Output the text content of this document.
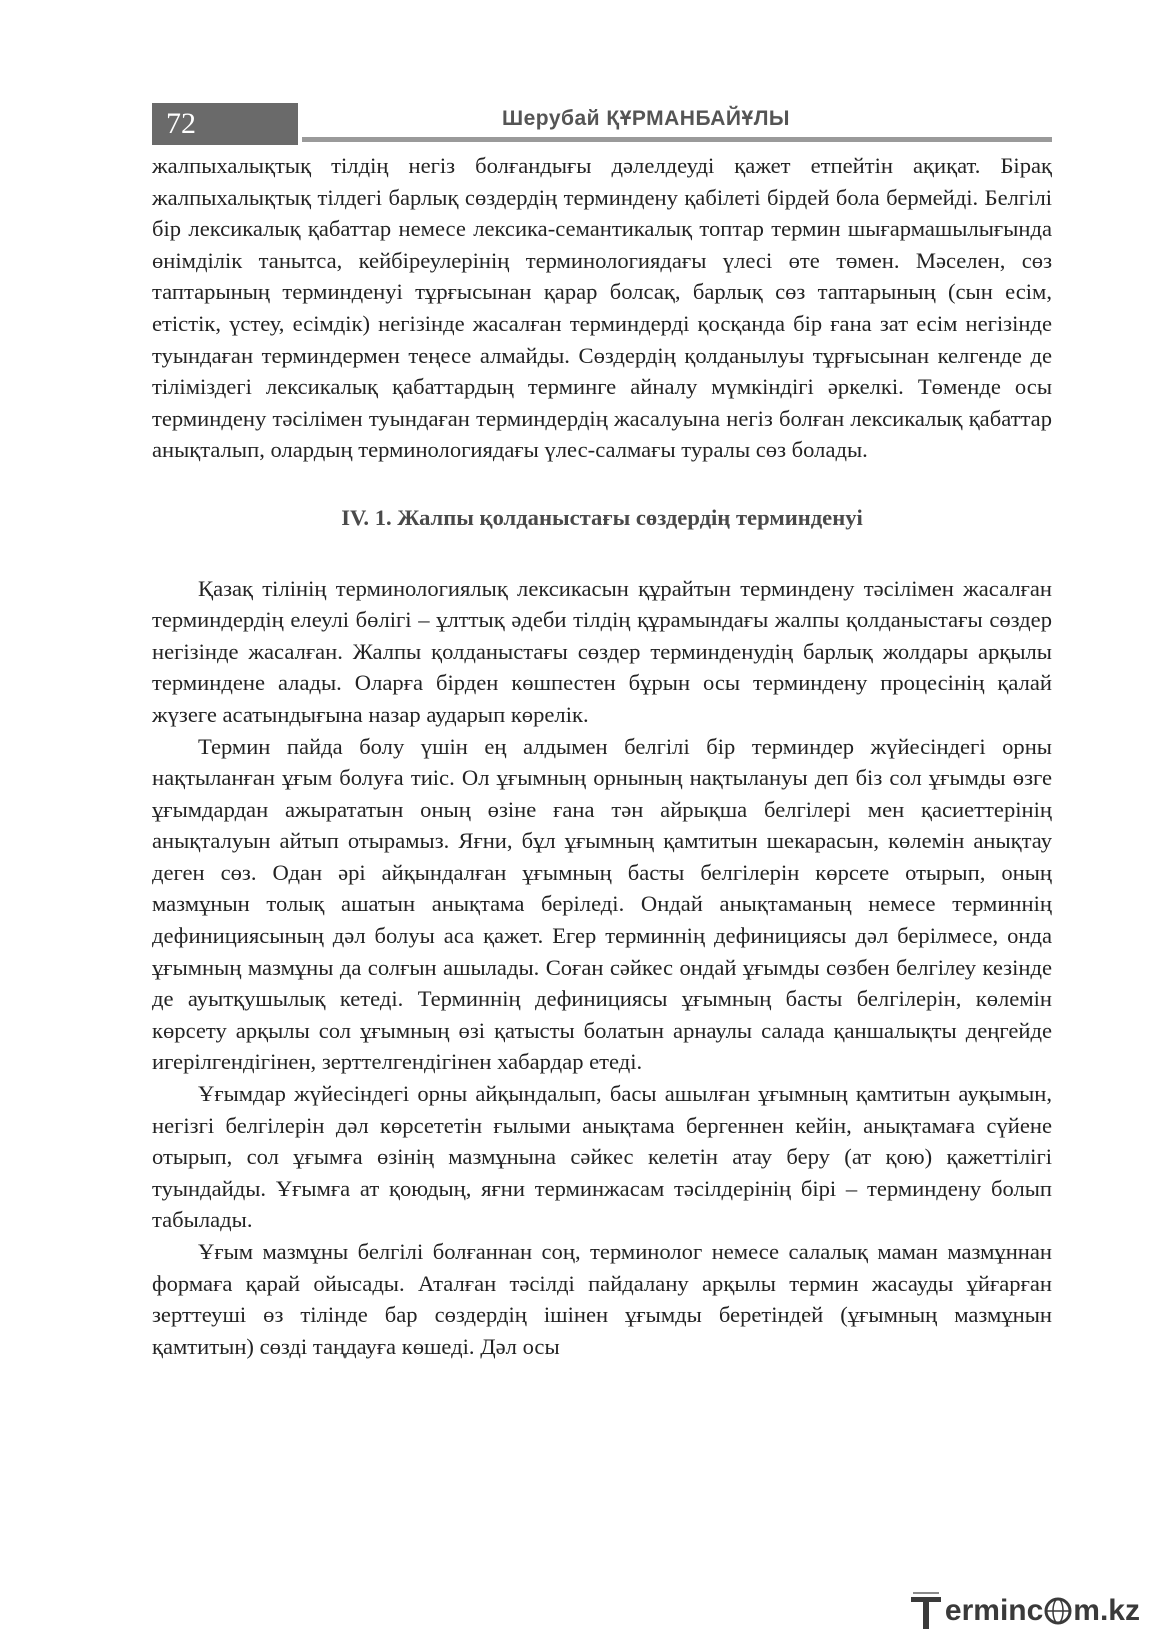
72	Шерубай ҚҰРМАНБАЙҰЛЫ

жалпыхалықтық тілдің негіз болғандығы дәлелдеуді қажет етпейтін ақиқат. Бірақ жалпыхалықтық тілдегі барлық сөздердің терминдену қабілеті бірдей бола бермейді. Белгілі бір лексикалық қабаттар немесе лексика-семантикалық топтар термин шығармашылығында өнімділік танытса, кейбіреулерінің терминологиядағы үлесі өте төмен. Мәселен, сөз таптарының терминденуі тұрғысынан қарар болсақ, барлық сөз таптарының (сын есім, етістік, үстеу, есімдік) негізінде жасалған терминдерді қосқанда бір ғана зат есім негізінде туындаған терминдермен теңесе алмайды. Сөздердің қолданылуы тұрғысынан келгенде де тіліміздегі лексикалық қабаттардың терминге айналу мүмкіндігі әркелкі. Төменде осы терминдену тәсілімен туындаған терминдердің жасалуына негіз болған лексикалық қабаттар анықталып, олардың терминологиядағы үлес-салмағы туралы сөз болады.

IV. 1. Жалпы қолданыстағы сөздердің терминденуі

Қазақ тілінің терминологиялық лексикасын құрайтын терминдену тәсілімен жасалған терминдердің елеулі бөлігі – ұлттық әдеби тілдің құрамындағы жалпы қолданыстағы сөздер негізінде жасалған. Жалпы қолданыстағы сөздер терминденудің барлық жолдары арқылы терминдене алады. Оларға бірден көшпестен бұрын осы терминдену процесінің қалай жүзеге асатындығына назар аударып көрелік.

Термин пайда болу үшін ең алдымен белгілі бір терминдер жүйесіндегі орны нақтыланған ұғым болуға тиіс. Ол ұғымның орнының нақтылануы деп біз сол ұғымды өзге ұғымдардан ажырататын оның өзіне ғана тән айрықша белгілері мен қасиеттерінің анықталуын айтып отырамыз. Яғни, бұл ұғымның қамтитын шекарасын, көлемін анықтау деген сөз. Одан әрі айқындалған ұғымның басты белгілерін көрсете отырып, оның мазмұнын толық ашатын анықтама беріледі. Ондай анықтаманың немесе терминнің дефинициясының дәл болуы аса қажет. Егер терминнің дефинициясы дәл берілмесе, онда ұғымның мазмұны да солғын ашылады. Соған сәйкес ондай ұғымды сөзбен белгілеу кезінде де ауытқушылық кетеді. Терминнің дефинициясы ұғымның басты белгілерін, көлемін көрсету арқылы сол ұғымның өзі қатысты болатын арнаулы салада қаншалықты деңгейде игерілгендігінен, зерттелгендігінен хабардар етеді.

Ұғымдар жүйесіндегі орны айқындалып, басы ашылған ұғымның қамтитын ауқымын, негізгі белгілерін дәл көрсететін ғылыми анықтама бергеннен кейін, анықтамаға сүйене отырып, сол ұғымға өзінің мазмұнына сәйкес келетін атау беру (ат қою) қажеттілігі туындайды. Ұғымға ат қоюдың, яғни терминжасам тәсілдерінің бірі – терминдену болып табылады.

Ұғым мазмұны белгілі болғаннан соң, терминолог немесе салалық маман мазмұннан формаға қарай ойысады. Аталған тәсілді пайдалану арқылы термин жасауды ұйғарған зерттеуші өз тілінде бар сөздердің ішінен ұғымды беретіндей (ұғымның мазмұнын қамтитын) сөзді таңдауға көшеді. Дәл осы

ermin c m.kz
